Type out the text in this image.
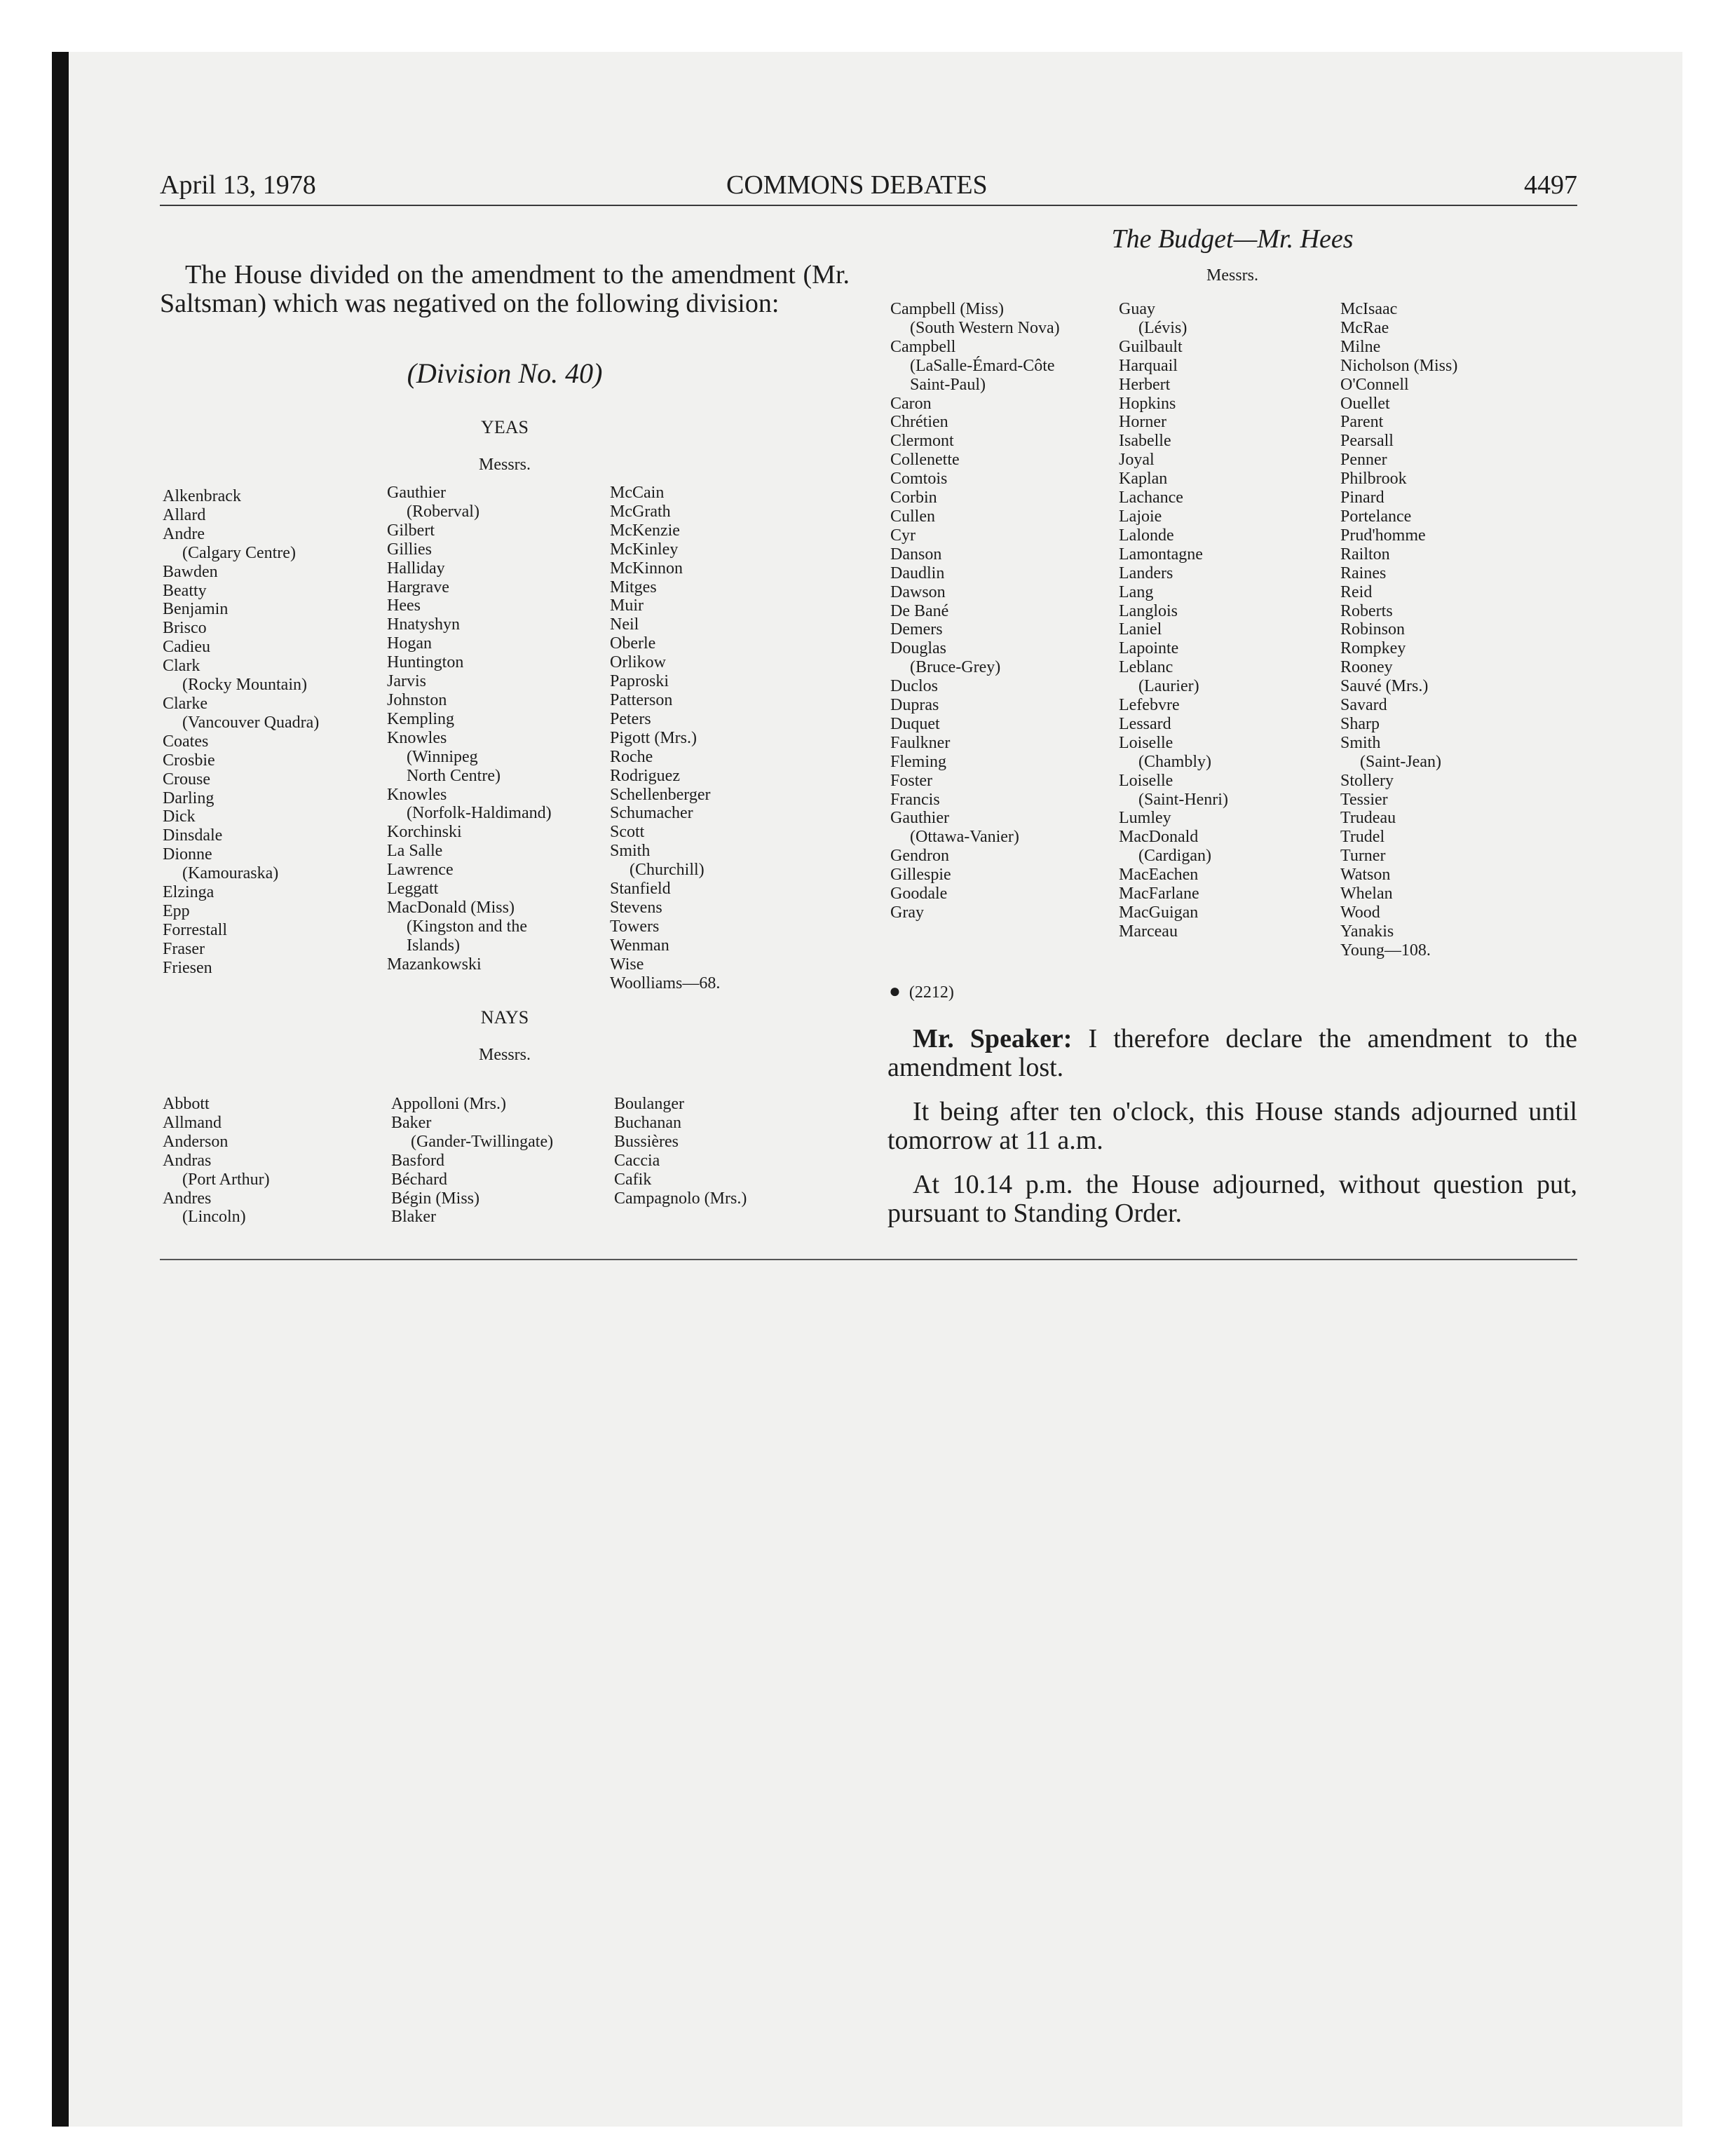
April 13, 1978	COMMONS DEBATES	4497
The Budget—Mr. Hees
Messrs.

The House divided on the amendment to the amendment (Mr. Saltsman) which was negatived on the following division:

(Division No. 40)
YEAS
Messrs.
Alkenbrack
Allard
Andre
(Calgary Centre)
Bawden
Beatty
Benjamin
Brisco
Cadieu
Clark
(Rocky Mountain)
Clarke
(Vancouver Quadra)
Coates
Crosbie
Crouse
Darling
Dick
Dinsdale
Dionne
(Kamouraska)
Elzinga
Epp
Forrestall
Fraser
Friesen
Gauthier
(Roberval)
Gilbert
Gillies
Halliday
Hargrave
Hees
Hnatyshyn
Hogan
Huntington
Jarvis
Johnston
Kempling
Knowles
(Winnipeg
North Centre)
Knowles
(Norfolk-Haldimand)
Korchinski
La Salle
Lawrence
Leggatt
MacDonald (Miss)
(Kingston and the
Islands)
Mazankowski
McCain
McGrath
McKenzie
McKinley
McKinnon
Mitges
Muir
Neil
Oberle
Orlikow
Paproski
Patterson
Peters
Pigott (Mrs.)
Roche
Rodriguez
Schellenberger
Schumacher
Scott
Smith
(Churchill)
Stanfield
Stevens
Towers
Wenman
Wise
Woolliams—68.
NAYS
Messrs.
Abbott
Allmand
Anderson
Andras
(Port Arthur)
Andres
(Lincoln)
Appolloni (Mrs.)
Baker
(Gander-Twillingate)
Basford
Béchard
Bégin (Miss)
Blaker
Boulanger
Buchanan
Bussières
Caccia
Cafik
Campagnolo (Mrs.)
Campbell (Miss)
(South Western Nova)
Campbell
(LaSalle-Émard-Côte
Saint-Paul)
Caron
Chrétien
Clermont
Collenette
Comtois
Corbin
Cullen
Cyr
Danson
Daudlin
Dawson
De Bané
Demers
Douglas
(Bruce-Grey)
Duclos
Dupras
Duquet
Faulkner
Fleming
Foster
Francis
Gauthier
(Ottawa-Vanier)
Gendron
Gillespie
Goodale
Gray
Guay
(Lévis)
Guilbault
Harquail
Herbert
Hopkins
Horner
Isabelle
Joyal
Kaplan
Lachance
Lajoie
Lalonde
Lamontagne
Landers
Lang
Langlois
Laniel
Lapointe
Leblanc
(Laurier)
Lefebvre
Lessard
Loiselle
(Chambly)
Loiselle
(Saint-Henri)
Lumley
MacDonald
(Cardigan)
MacEachen
MacFarlane
MacGuigan
Marceau
McIsaac
McRae
Milne
Nicholson (Miss)
O'Connell
Ouellet
Parent
Pearsall
Penner
Philbrook
Pinard
Portelance
Prud'homme
Railton
Raines
Reid
Roberts
Robinson
Rompkey
Rooney
Sauvé (Mrs.)
Savard
Sharp
Smith
(Saint-Jean)
Stollery
Tessier
Trudeau
Trudel
Turner
Watson
Whelan
Wood
Yanakis
Young—108.
● (2212)

Mr. Speaker: I therefore declare the amendment to the amendment lost.

It being after ten o'clock, this House stands adjourned until tomorrow at 11 a.m.

At 10.14 p.m. the House adjourned, without question put, pursuant to Standing Order.
